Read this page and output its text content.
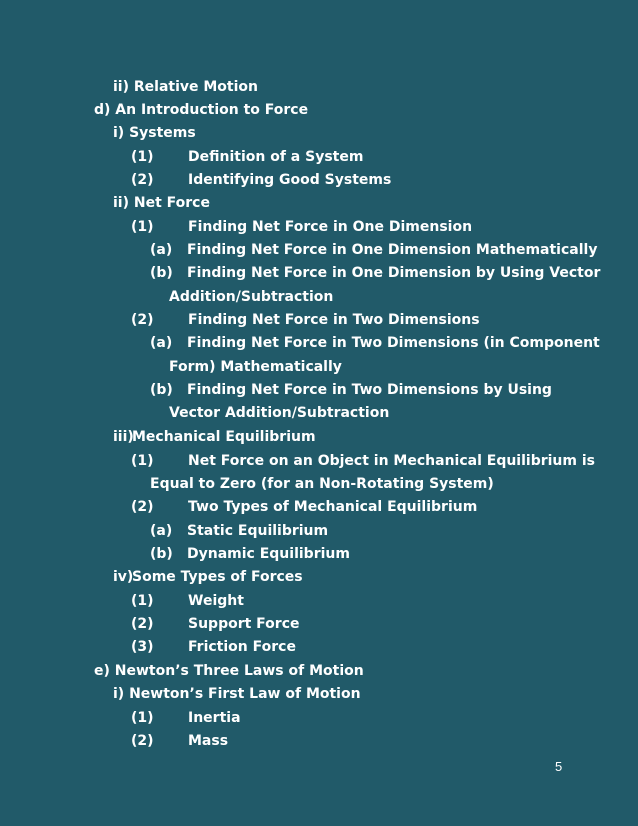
ii) Relative Motion
d) An Introduction to Force
i) Systems
(1) Definition of a System
(2) Identifying Good Systems
ii) Net Force
(1) Finding Net Force in One Dimension
(a) Finding Net Force in One Dimension Mathematically
(b) Finding Net Force in One Dimension by Using Vector
Addition/Subtraction
(2) Finding Net Force in Two Dimensions
(a) Finding Net Force in Two Dimensions (in Component
Form) Mathematically
(b) Finding Net Force in Two Dimensions by Using
Vector Addition/Subtraction
iii)Mechanical Equilibrium
(1) Net Force on an Object in Mechanical Equilibrium is
Equal to Zero (for an Non-Rotating System)
(2) Two Types of Mechanical Equilibrium
(a) Static Equilibrium
(b) Dynamic Equilibrium
iv)Some Types of Forces
(1) Weight
(2) Support Force
(3) Friction Force
e) Newton’s Three Laws of Motion
i) Newton’s First Law of Motion
(1) Inertia
(2) Mass
5
